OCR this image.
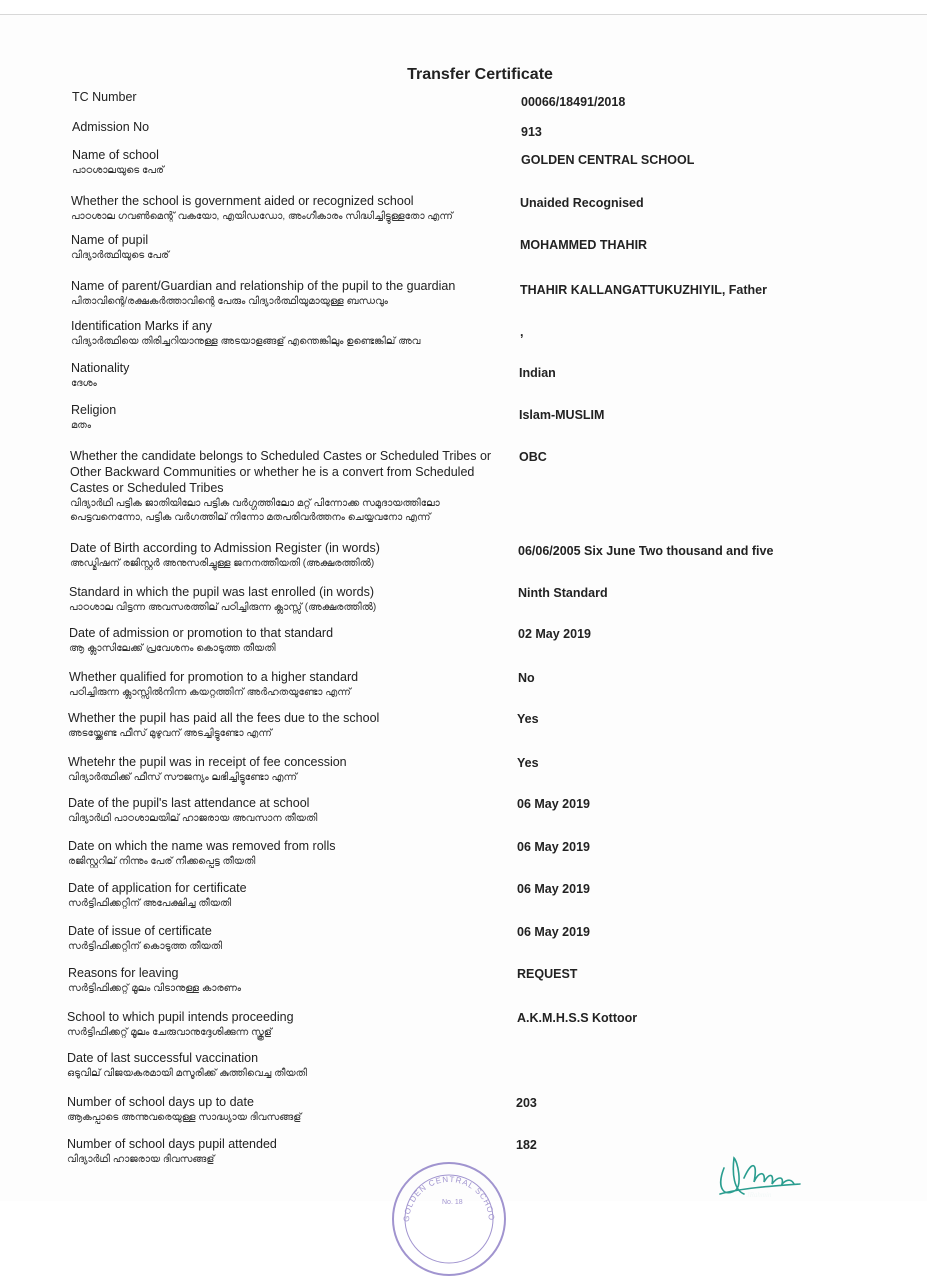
Transfer Certificate
TC Number	00066/18491/2018
Admission No	913
Name of school
പാഠശാലയുടെ പേര്
GOLDEN CENTRAL SCHOOL
Whether the school is government aided or recognized school
പാഠശാല ഗവൺമെന്റ് വകയോ, എയിഡഡോ, അംഗീകാരം സിദ്ധിച്ചിട്ടുള്ളതോ എന്ന്
Unaided Recognised
Name of pupil
വിദ്യാർത്ഥിയുടെ പേര്
MOHAMMED THAHIR
Name of parent/Guardian and relationship of the pupil to the guardian
പിതാവിന്റെ/രക്ഷകർത്താവിന്റെ പേരും വിദ്യാർത്ഥിയുമായുള്ള ബന്ധവും
THAHIR KALLANGATTUKUZHIYIL, Father
Identification Marks if any
വിദ്യാർത്ഥിയെ തിരിച്ചറിയാനുള്ള അടയാളങ്ങള് എന്തെങ്കിലും ഉണ്ടെങ്കില് അവ
,
Nationality
ദേശം
Indian
Religion
മതം
Islam-MUSLIM
Whether the candidate belongs to Scheduled Castes or Scheduled Tribes or Other Backward Communities or whether he is a convert from Scheduled Castes or Scheduled Tribes
വിദ്യാർഥി പട്ടിക ജാതിയിലോ പട്ടിക വർഗ്ഗത്തിലോ മറ്റ് പിന്നോക്ക സമുദായത്തിലോ പെട്ടവനെന്നോ, പട്ടിക വർഗത്തില് നിന്നോ മതപരിവർത്തനം ചെയ്യവനോ എന്ന്
OBC
Date of Birth according to Admission Register (in words)
അഡ്മിഷന് രജിസ്റ്റർ അനുസരിച്ചുള്ള ജനനത്തീയതി (അക്ഷരത്തിൽ)
06/06/2005 Six June Two thousand and five
Standard in which the pupil was last enrolled (in words)
പാഠശാല വിട്ടന്ന അവസരത്തില് പഠിച്ചിരുന്ന ക്ലാസ്സ് (അക്ഷരത്തിൽ)
Ninth Standard
Date of admission or promotion to that standard
ആ ക്ലാസിലേക്ക് പ്രവേശനം കൊടുത്ത തീയതി
02 May 2019
Whether qualified for promotion to a higher standard
പഠിച്ചിരുന്ന ക്ലാസ്സിൽനിന്ന കയറ്റത്തിന് അർഹതയുണ്ടോ എന്ന്
No
Whether the pupil has paid all the fees due to the school
അടയ്ക്കേണ്ട ഫീസ് മുഴുവന് അടച്ചിട്ടുണ്ടോ എന്ന്
Yes
Whetehr the pupil was in receipt of fee concession
വിദ്യാർത്ഥിക്ക് ഫീസ് സൗജന്യം ലഭിച്ചിട്ടുണ്ടോ എന്ന്
Yes
Date of the pupil's last attendance at school
വിദ്യാർഥി പാഠശാലയില് ഹാജരായ അവസാന തീയതി
06 May 2019
Date on which the name was removed from rolls
രജിസ്റ്ററില് നിന്നും പേര് നീക്കപ്പെട്ട തീയതി
06 May 2019
Date of application for certificate
സർട്ടിഫിക്കറ്റിന് അപേക്ഷിച്ച തീയതി
06 May 2019
Date of issue of certificate
സർട്ടിഫിക്കറ്റിന് കൊടുത്ത തീയതി
06 May 2019
Reasons for leaving
സർട്ടിഫിക്കറ്റ് മൂലം വിടാനുള്ള കാരണം
REQUEST
School to which pupil intends proceeding
സർട്ടിഫിക്കറ്റ് മൂലം ചേരുവാനുദ്ദേശിക്കുന്ന സ്കൂള്
A.K.M.H.S.S Kottoor
Date of last successful vaccination
ഒടുവില് വിജയകരമായി മസൂരിക്ക് കുത്തിവെച്ച തീയതി
Number of school days up to date
ആകപ്പാടെ അന്നുവരെയുള്ള സാദ്ധ്യായ ദിവസങ്ങള്
203
Number of school days pupil attended
വിദ്യാർഥി ഹാജരായ ദിവസങ്ങള്
182
GOLDEN CENTRAL SCHOO
No. 18
JRahmin
